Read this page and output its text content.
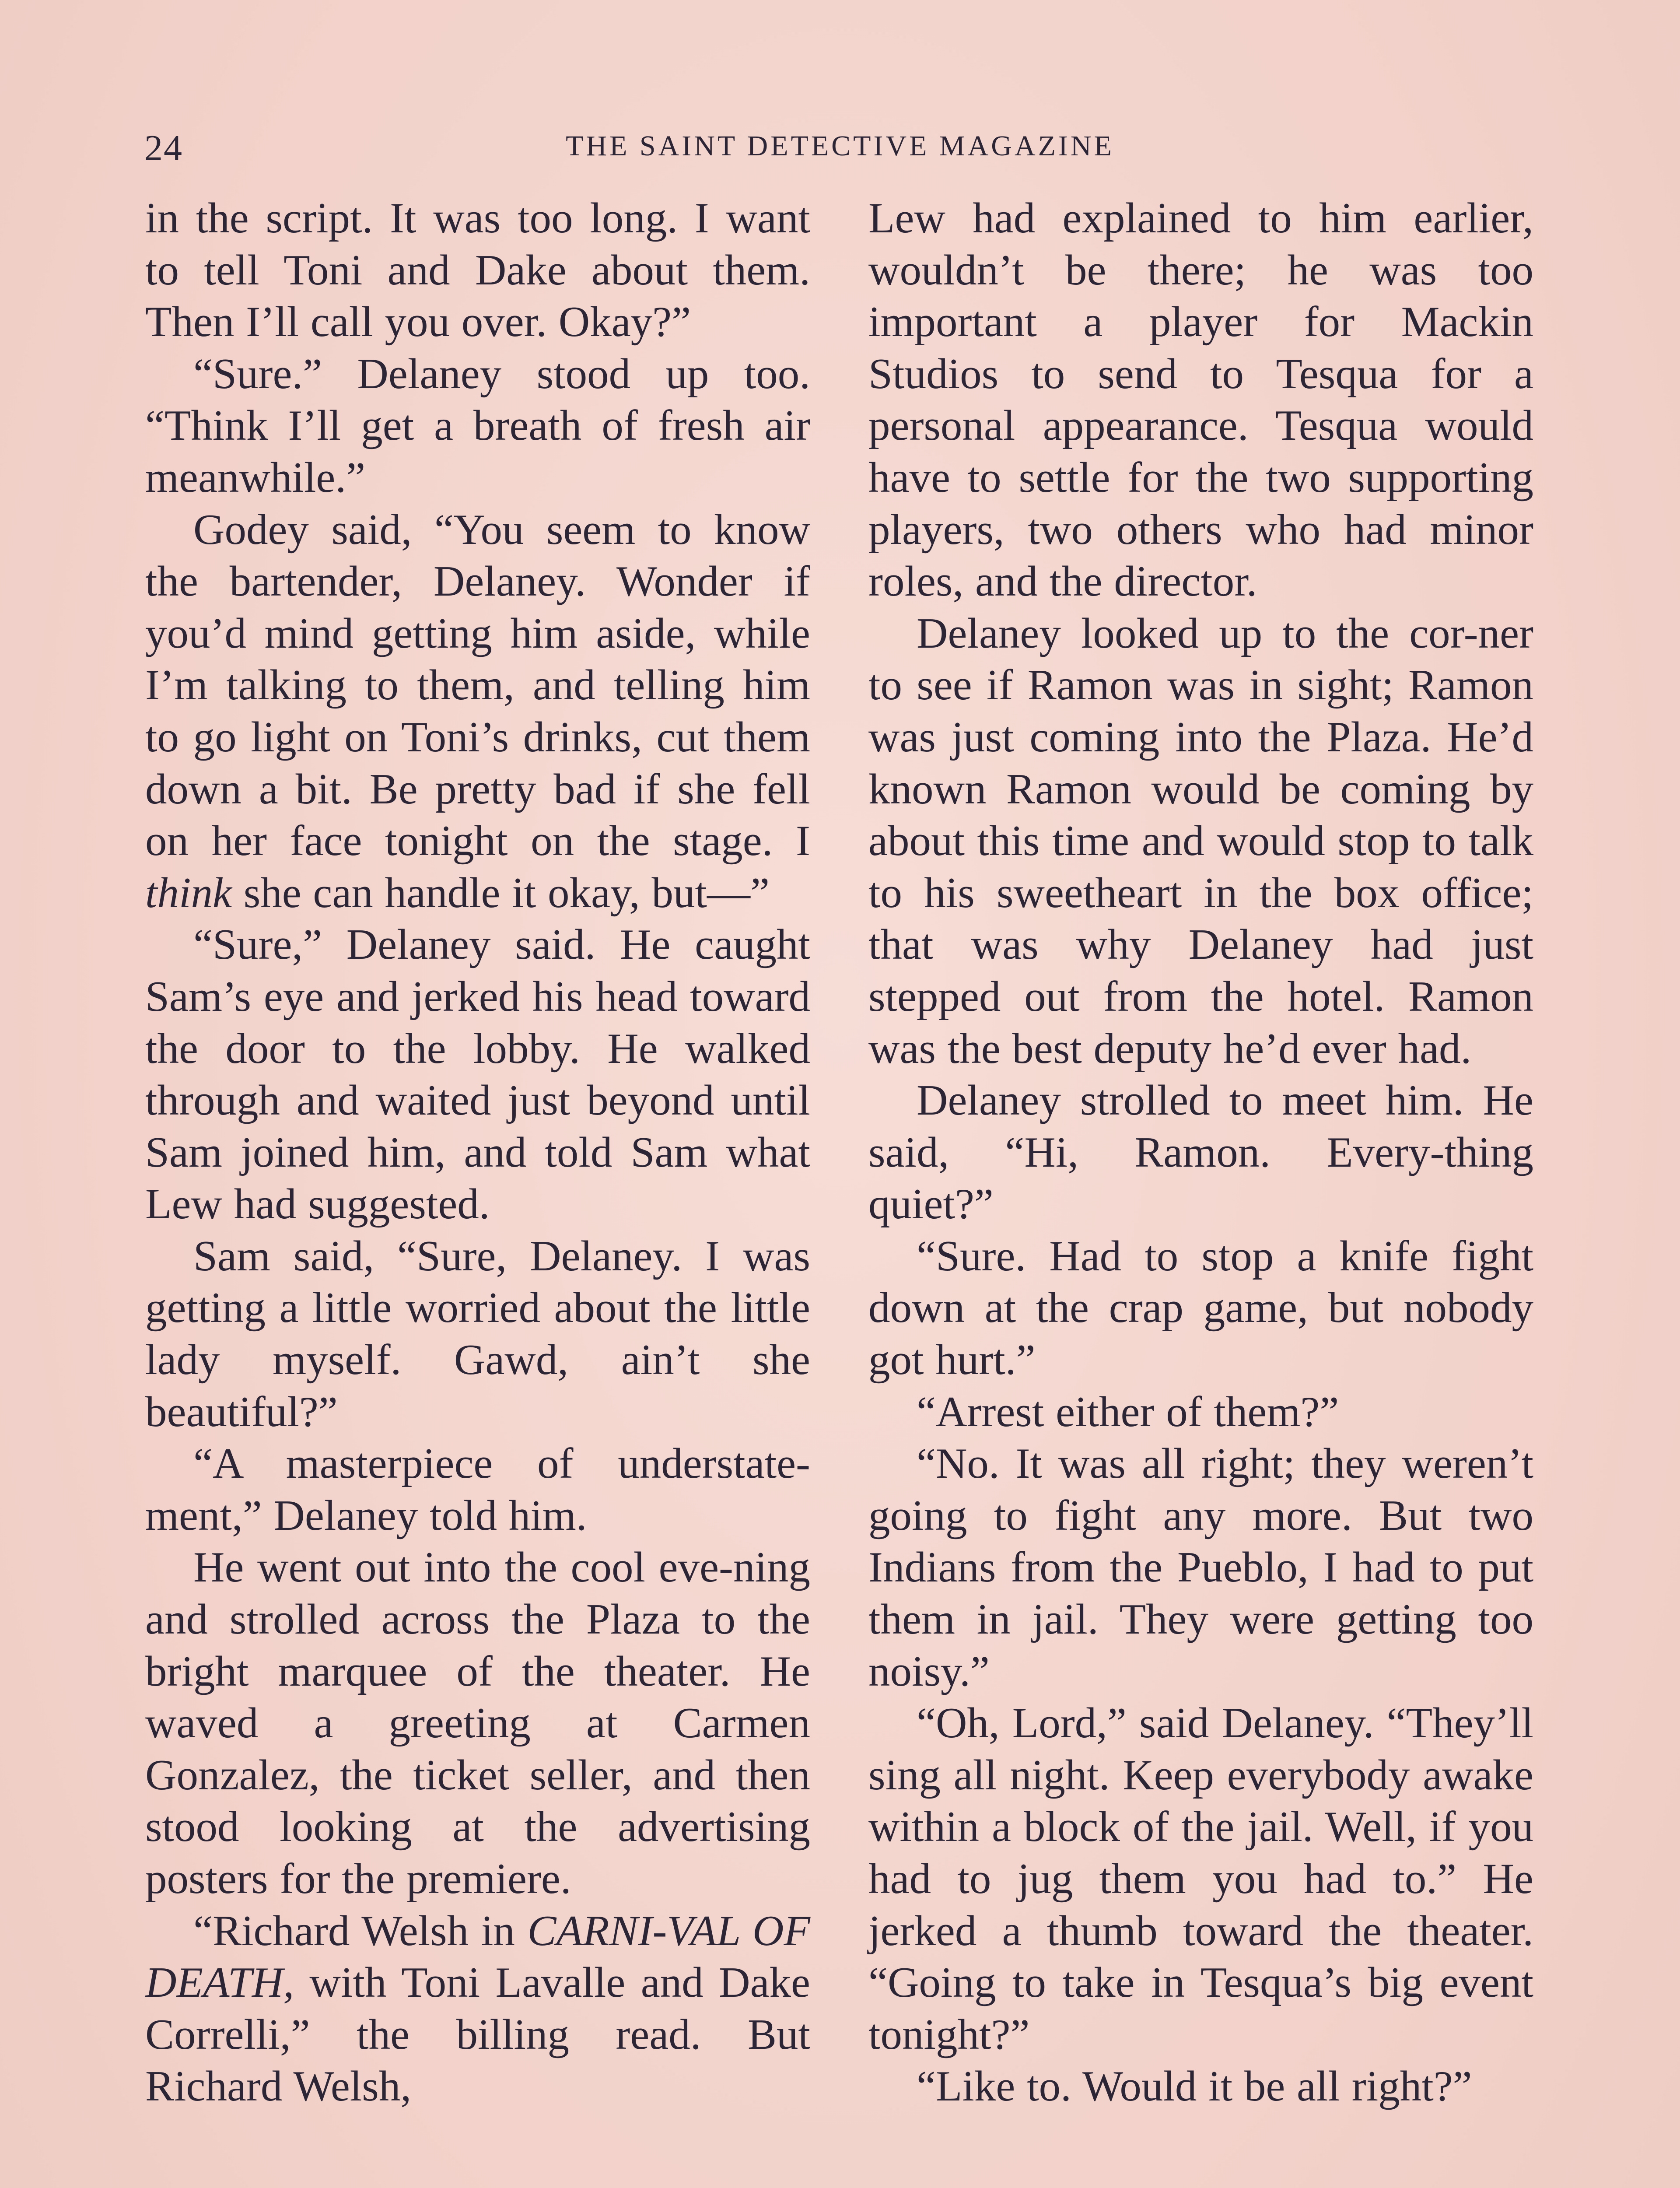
24	THE SAINT DETECTIVE MAGAZINE

in the script. It was too long. I want to tell Toni and Dake about them. Then I’ll call you over. Okay?”

“Sure.” Delaney stood up too. “Think I’ll get a breath of fresh air meanwhile.”

Godey said, “You seem to know the bartender, Delaney. Wonder if you’d mind getting him aside, while I’m talking to them, and telling him to go light on Toni’s drinks, cut them down a bit. Be pretty bad if she fell on her face tonight on the stage. I think she can handle it okay, but—”

“Sure,” Delaney said. He caught Sam’s eye and jerked his head toward the door to the lobby. He walked through and waited just beyond until Sam joined him, and told Sam what Lew had suggested.

Sam said, “Sure, Delaney. I was getting a little worried about the little lady myself. Gawd, ain’t she beautiful?”

“A masterpiece of understate-ment,” Delaney told him.

He went out into the cool eve-ning and strolled across the Plaza to the bright marquee of the theater. He waved a greeting at Carmen Gonzalez, the ticket seller, and then stood looking at the advertising posters for the premiere.

“Richard Welsh in CARNI-VAL OF DEATH, with Toni Lavalle and Dake Correlli,” the billing read. But Richard Welsh,

Lew had explained to him earlier, wouldn’t be there; he was too important a player for Mackin Studios to send to Tesqua for a personal appearance. Tesqua would have to settle for the two supporting players, two others who had minor roles, and the director.

Delaney looked up to the cor-ner to see if Ramon was in sight; Ramon was just coming into the Plaza. He’d known Ramon would be coming by about this time and would stop to talk to his sweetheart in the box office; that was why Delaney had just stepped out from the hotel. Ramon was the best deputy he’d ever had.

Delaney strolled to meet him. He said, “Hi, Ramon. Every-thing quiet?”

“Sure. Had to stop a knife fight down at the crap game, but nobody got hurt.”

“Arrest either of them?”

“No. It was all right; they weren’t going to fight any more. But two Indians from the Pueblo, I had to put them in jail. They were getting too noisy.”

“Oh, Lord,” said Delaney. “They’ll sing all night. Keep everybody awake within a block of the jail. Well, if you had to jug them you had to.” He jerked a thumb toward the theater. “Going to take in Tesqua’s big event tonight?”

“Like to. Would it be all right?”
